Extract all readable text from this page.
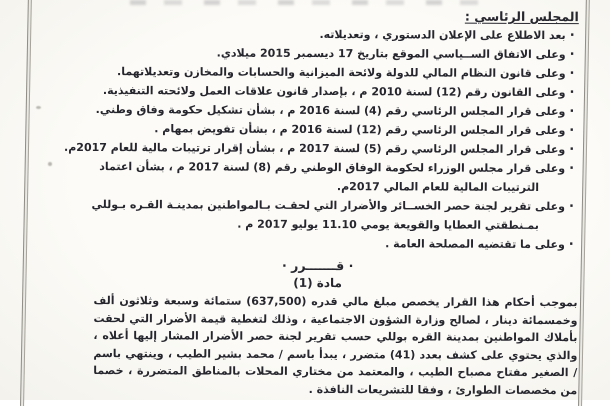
المجلس الرئاسي :
·
بعد الاطلاع على الإعلان الدستوري ، وتعديلاته.
·
وعلى الاتفاق الســياسي الموقع بتاريخ 17 ديسمبر 2015 ميلادي.
·
وعلى قانون النظام المالي للدولة ولائحة الميزانية والحسابات والمخازن وتعديلاتهما.
·
وعلى القانون رقم (12) لسنة 2010 م ، بإصدار قانون علاقات العمل ولائحته التنفيذية.
·
وعلى قرار المجلس الرئاسي رقم (4) لسنة 2016 م ، بشأن تشكيل حكومة وفاق وطني.
·
وعلى قرار المجلس الرئاسي رقم (12) لسنة 2016 م ، بشأن تفويض بمهام .
·
وعلى قرار المجلس الرئاسي رقم (5) لسنة 2017 م ، بشأن إقرار ترتيبات مالية للعام 2017م.
·
وعلى قرار مجلس الوزراء لحكومة الوفاق الوطني رقم (8) لسنة 2017 م ، بشأن اعتماد الترتيبات المالية للعام المالي 2017م.
·
وعلى تقرير لجنة حصر الخســائر والأضرار التي لحقـت بـالمواطنين بمدينـة القـره بـوللي بمـنطقتي العطايا والقويعة يومي 11.10 يوليو 2017 م .
·
وعلى ما تقتضيه المصلحة العامة .
· قـــــــرر ·
مادة (1)

بموجب أحكام هذا القرار يخصص مبلغ مالي قدره (637,500) ستمائة وسبعة وثلاثون ألف وخمسمائة دينار ، لصالح وزارة الشؤون الاجتماعية ، وذلك لتغطية قيمة الأضرار التي لحقت بأملاك المواطنين بمدينة القره بوللي حسب تقرير لجنة حصر الأضرار المشار إليها أعلاه ، والذي يحتوي على كشف بعدد (41) متضرر ، يبدأ باسم / محمد بشير الطيب ، وينتهي باسم / الصغير مفتاح مصباح الطيب ، والمعتمد من مختاري المحلات بالمناطق المتضررة ، خصما من مخصصات الطوارئ ، وفقا للتشريعات النافذة .
